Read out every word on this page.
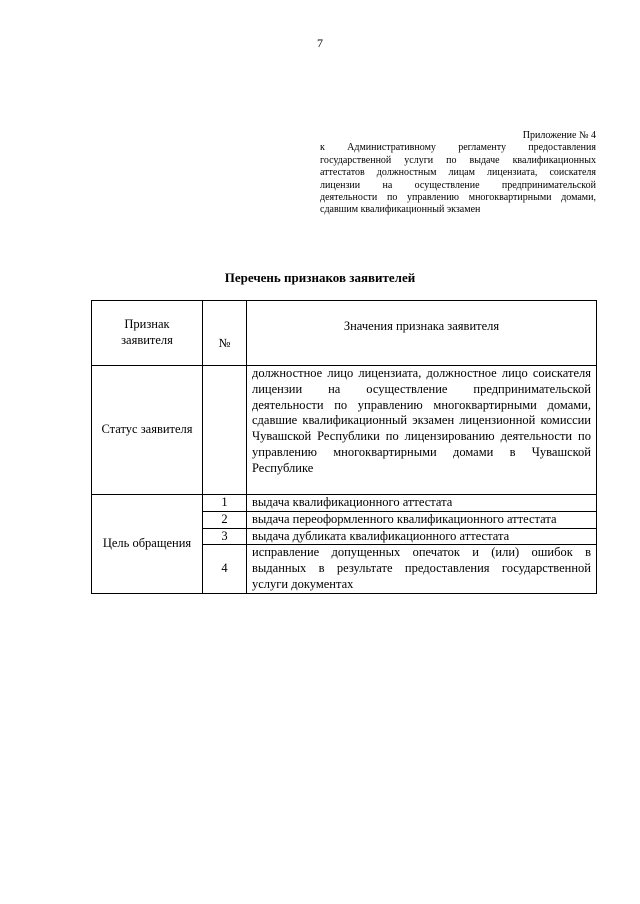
7
Приложение № 4
к Административному регламенту предоставления государственной услуги по выдаче квалификационных аттестатов должностным лицам лицензиата, соискателя лицензии на осуществление предпринимательской деятельности по управлению многоквартирными домами, сдавшим квалификационный экзамен
Перечень признаков заявителей
Признак заявителя	№	Значения признака заявителя
Статус заявителя		должностное лицо лицензиата, должностное лицо соискателя лицензии на осуществление предпринимательской деятельности по управлению многоквартирными домами, сдавшие квалификационный экзамен лицензионной комиссии Чувашской Республики по лицензированию деятельности по управлению многоквартирными домами в Чувашской Республике
Цель обращения	1	выдача квалификационного аттестата
	2	выдача переоформленного квалификационного аттестата
	3	выдача дубликата квалификационного аттестата
	4	исправление допущенных опечаток и (или) ошибок в выданных в результате предоставления государственной услуги документах
